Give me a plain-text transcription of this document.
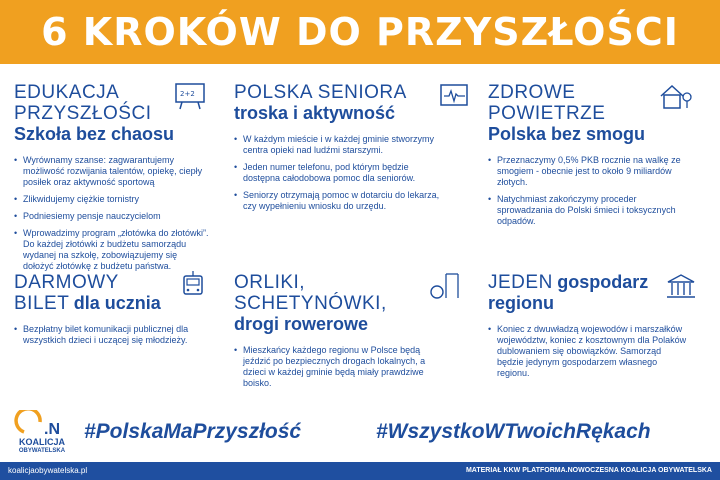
6 KROKÓW DO PRZYSZŁOŚCI
EDUKACJA
PRZYSZŁOŚCI
Szkoła bez chaosu
• Wyrównamy szanse: zagwarantujemy możliwość rozwijania talentów, opiekę, ciepły posiłek oraz aktywność sportową
• Zlikwidujemy ciężkie tornistry
• Podniesiemy pensje nauczycielom
• Wprowadzimy program „złotówka do złotówki”. Do każdej złotówki z budżetu samorządu wydanej na szkołę, zobowiązujemy się dołożyć złotówkę z budżetu państwa.
2+2 POLSKA SENIORA
troska i aktywność
• W każdym mieście i w każdej gminie stworzymy centra opieki nad ludźmi starszymi.
• Jeden numer telefonu, pod którym będzie dostępna całodobowa pomoc dla seniorów.
• Seniorzy otrzymają pomoc w dotarciu do lekarza, czy wypełnieniu wniosku do urzędu.
ZDROWE
POWIETRZE
Polska bez smogu
• Przeznaczymy 0,5% PKB rocznie na walkę ze smogiem - obecnie jest to około 9 miliardów złotych.
• Natychmiast zakończymy proceder sprowadzania do Polski śmieci i toksycznych odpadów.
DARMOWY
BILET dla ucznia
• Bezpłatny bilet komunikacji publicznej dla wszystkich dzieci i uczącej się młodzieży.
ORLIKI,
SCHETYNÓWKI,
drogi rowerowe
• Mieszkańcy każdego regionu w Polsce będą jeździć po bezpiecznych drogach lokalnych, a dzieci w każdej gminie będą miały prawdziwe boisko.
JEDEN gospodarz
regionu
• Koniec z dwuwładzą wojewodów i marszałków województw, koniec z kosztownym dla Polaków dublowaniem się obowiązków. Samorząd będzie jedynym gospodarzem własnego regionu.
.N
KOALICJA
OBYWATELSKA
#PolskaMaPrzyszłość	#WszystkoWTwoichRękach
koalicjaobywatelska.pl	MATERIAŁ KKW PLATFORMA.NOWOCZESNA KOALICJA OBYWATELSKA
